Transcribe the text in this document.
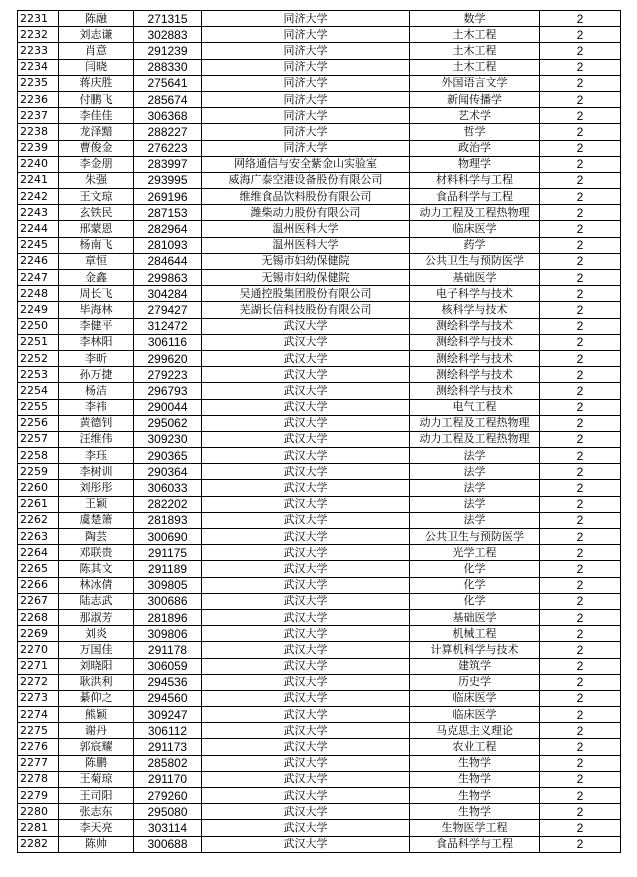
2231	陈融	271315	同济大学	数学	2
2232	刘志谦	302883	同济大学	土木工程	2
2233	肖意	291239	同济大学	土木工程	2
2234	闫晓	288330	同济大学	土木工程	2
2235	蒋庆胜	275641	同济大学	外国语言文学	2
2236	付鹏飞	285674	同济大学	新闻传播学	2
2237	李佳佳	306368	同济大学	艺术学	2
2238	龙泽黯	288227	同济大学	哲学	2
2239	曹俊金	276223	同济大学	政治学	2
2240	李金朋	283997	网络通信与安全紫金山实验室	物理学	2
2241	朱强	293995	威海广泰空港设备股份有限公司	材料科学与工程	2
2242	王文琼	269196	维维食品饮料股份有限公司	食品科学与工程	2
2243	玄铁民	287153	潍柴动力股份有限公司	动力工程及工程热物理	2
2244	邢蒙恩	282964	温州医科大学	临床医学	2
2245	杨南飞	281093	温州医科大学	药学	2
2246	章恒	284644	无锡市妇幼保健院	公共卫生与预防医学	2
2247	金鑫	299863	无锡市妇幼保健院	基础医学	2
2248	周长飞	304284	吴通控股集团股份有限公司	电子科学与技术	2
2249	毕海林	279427	芜湖长信科技股份有限公司	核科学与技术	2
2250	李健平	312472	武汉大学	测绘科学与技术	2
2251	李林阳	306116	武汉大学	测绘科学与技术	2
2252	李昕	299620	武汉大学	测绘科学与技术	2
2253	孙万捷	279223	武汉大学	测绘科学与技术	2
2254	杨洁	296793	武汉大学	测绘科学与技术	2
2255	李祎	290044	武汉大学	电气工程	2
2256	黄德钊	295062	武汉大学	动力工程及工程热物理	2
2257	汪维伟	309230	武汉大学	动力工程及工程热物理	2
2258	李珏	290365	武汉大学	法学	2
2259	李树训	290364	武汉大学	法学	2
2260	刘彤彤	306033	武汉大学	法学	2
2261	王颖	282202	武汉大学	法学	2
2262	虞楚箫	281893	武汉大学	法学	2
2263	陶芸	300690	武汉大学	公共卫生与预防医学	2
2264	邓联贵	291175	武汉大学	光学工程	2
2265	陈其文	291189	武汉大学	化学	2
2266	林冰倩	309805	武汉大学	化学	2
2267	陆志武	300686	武汉大学	化学	2
2268	那淑芳	281896	武汉大学	基础医学	2
2269	刘炎	309806	武汉大学	机械工程	2
2270	万国佳	291178	武汉大学	计算机科学与技术	2
2271	刘晓阳	306059	武汉大学	建筑学	2
2272	耿洪利	294536	武汉大学	历史学	2
2273	綦仰之	294560	武汉大学	临床医学	2
2274	熊颖	309247	武汉大学	临床医学	2
2275	谢丹	306112	武汉大学	马克思主义理论	2
2276	郭宸耀	291173	武汉大学	农业工程	2
2277	陈鹏	285802	武汉大学	生物学	2
2278	王菊琼	291170	武汉大学	生物学	2
2279	王司阳	279260	武汉大学	生物学	2
2280	张志东	295080	武汉大学	生物学	2
2281	李天亮	303114	武汉大学	生物医学工程	2
2282	陈帅	300688	武汉大学	食品科学与工程	2
